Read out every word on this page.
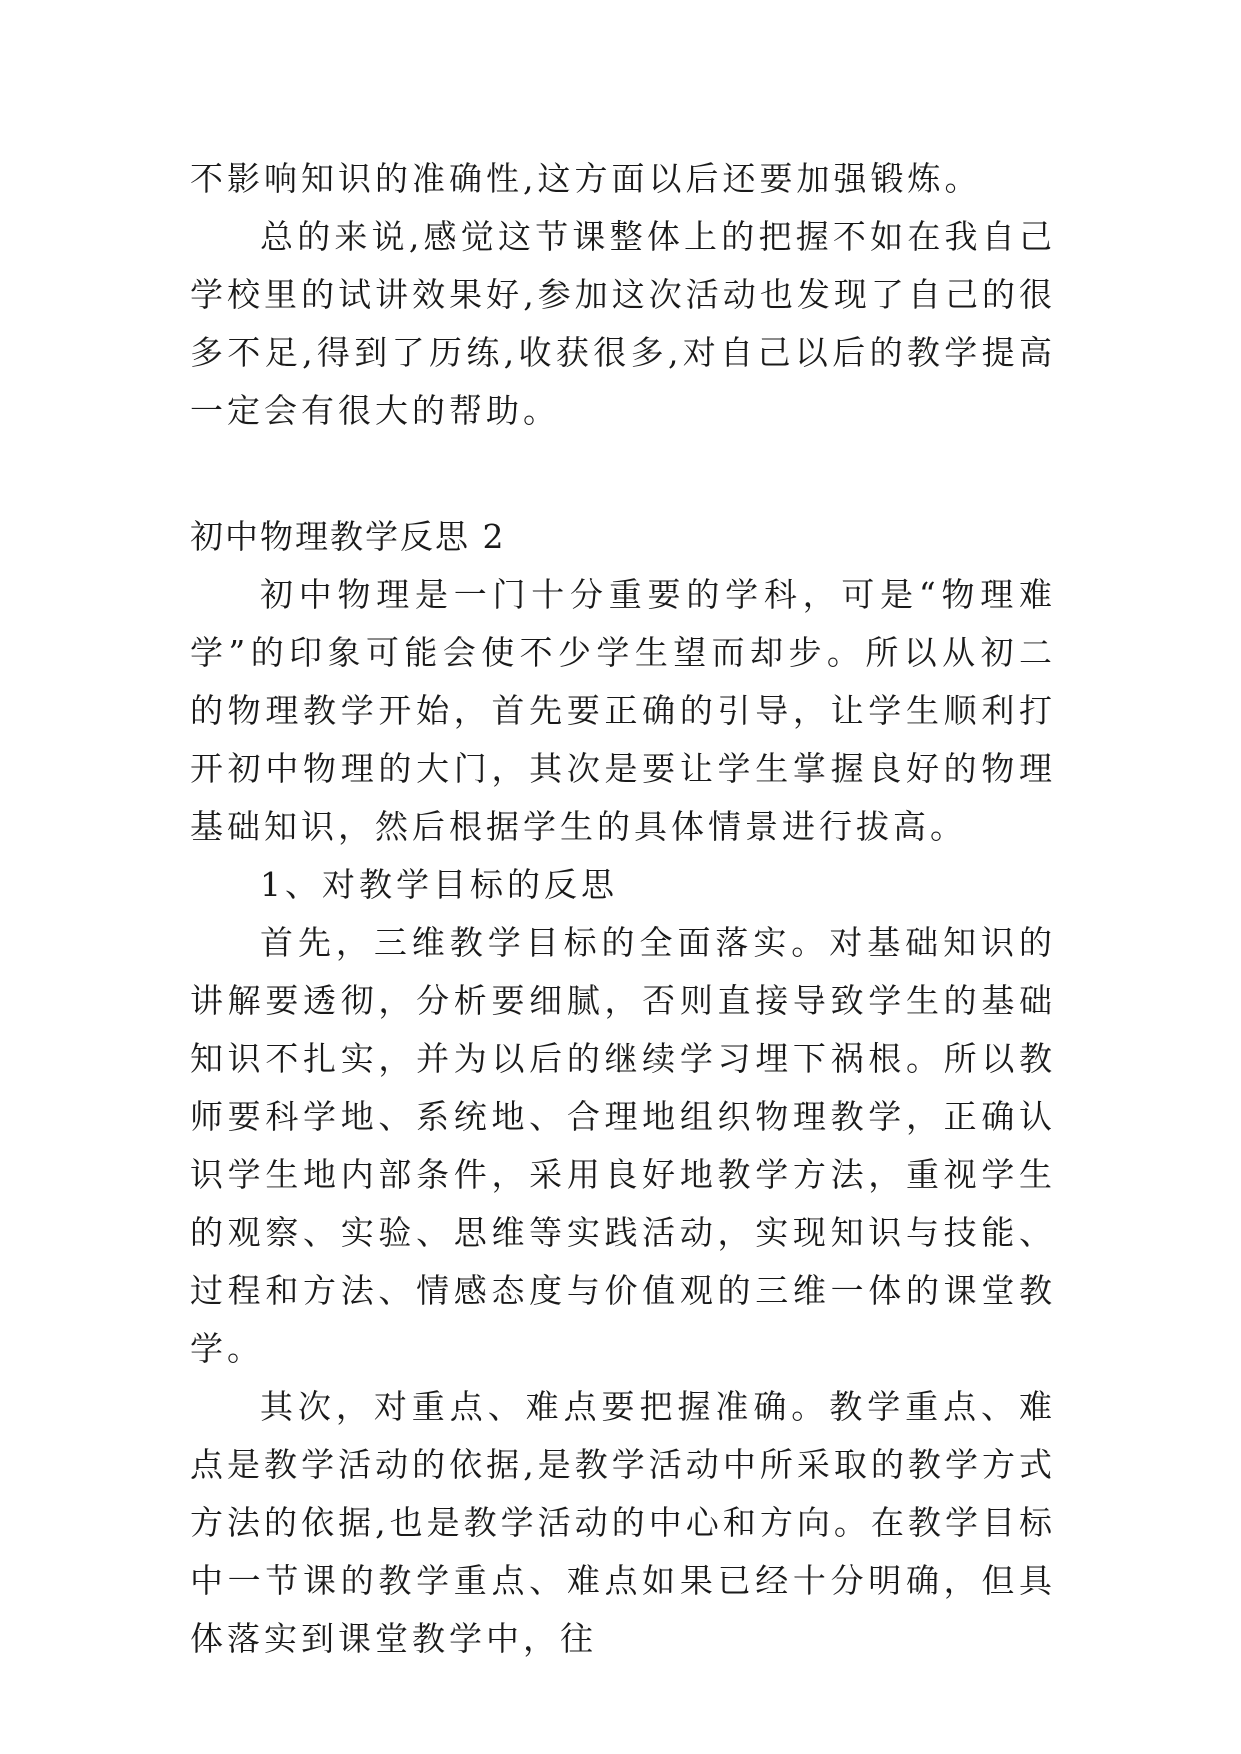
不影响知识的准确性,这方面以后还要加强锻炼。

总的来说,感觉这节课整体上的把握不如在我自己学校里的试讲效果好,参加这次活动也发现了自己的很多不足,得到了历练,收获很多,对自己以后的教学提高一定会有很大的帮助。

初中物理教学反思 2

初中物理是一门十分重要的学科，可是“物理难学”的印象可能会使不少学生望而却步。所以从初二的物理教学开始，首先要正确的引导，让学生顺利打开初中物理的大门，其次是要让学生掌握良好的物理基础知识，然后根据学生的具体情景进行拔高。

1、对教学目标的反思

首先，三维教学目标的全面落实。对基础知识的讲解要透彻，分析要细腻，否则直接导致学生的基础知识不扎实，并为以后的继续学习埋下祸根。所以教师要科学地、系统地、合理地组织物理教学，正确认识学生地内部条件，采用良好地教学方法，重视学生的观察、实验、思维等实践活动，实现知识与技能、过程和方法、情感态度与价值观的三维一体的课堂教学。

其次，对重点、难点要把握准确。教学重点、难点是教学活动的依据,是教学活动中所采取的教学方式方法的依据,也是教学活动的中心和方向。在教学目标中一节课的教学重点、难点如果已经十分明确，但具体落实到课堂教学中，往
